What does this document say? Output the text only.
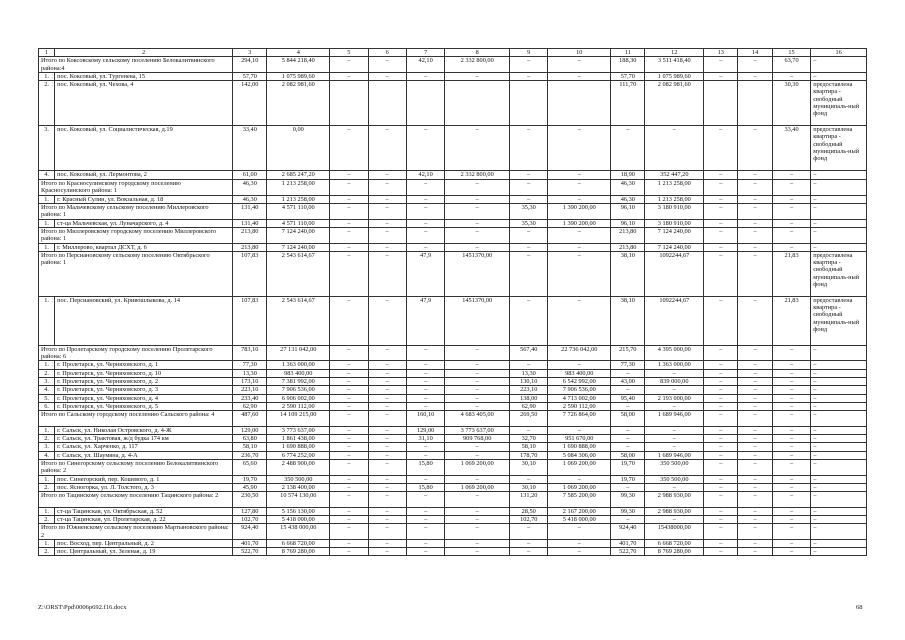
1	2	3	4	5	6	7	8	9	10	11	12	13	14	15	16
Итого по Коксовскому сельскому поселению Белокалитвинского района:4		294,10	5 844 218,40	–	–	42,10	2 332 800,00	–	–	188,30	3 511 418,40	–	–	63,70	–
1.	пос. Коксовый, ул. Тургенева, 15	57,70	1 075 989,60	–	–	–	–	–	–	57,70	1 075 989,60	–	–	–	–
2.	пос. Коксовый, ул. Чехова, 4	142,00	2 082 981,60							111,70	2 082 981,60			30,30	предоставлена квартира - свободный муниципаль-ный фонд
3.	пос. Коксовый, ул. Социалистическая, д.19	33,40	0,00	–	–	–	–	–	–	–	–	–	–	33,40	предоставлена квартира - свободный муниципаль-ный фонд
4.	пос. Коксовый, ул. Лермонтова, 2	61,00	2 685 247,20	–	–	42,10	2 332 800,00	–	–	18,90	352 447,20	–	–	–	–
Итого по Красносулинскому городскому поселению Красносулинского района: 1		46,30	1 213 258,00	–	–	–	–	–	–	46,30	1 213 258,00	–	–	–	–
1.	г. Красный Сулин, ул. Вокзальная, д. 18	46,30	1 213 258,00	–	–	–	–	–	–	46,30	1 213 258,00	–	–	–	–
Итого по Мальчевскому сельскому поселению Миллеровского района: 1		131,40	4 571 110,00	–	–	–	–	35,30	1 390 200,00	96,10	3 180 910,00	–	–	–	–
1.	ст-ца Мальчевская, ул. Луначарского, д. 4	131,40	4 571 110,00	–	–	–	–	35,30	1 390 200,00	96,10	3 180 910,00	–	–	–	–
Итого по Миллеровскому городскому поселению Миллеровского района: 1		213,80	7 124 240,00	–	–	–	–	–	–	213,80	7 124 240,00	–	–	–	–
1.	г. Миллерово, квартал ДСХТ, д. 6	213,80	7 124 240,00	–	–	–	–	–	–	213,80	7 124 240,00	–	–	–	–
Итого по Персиановскому сельскому поселению Октябрьского района: 1		107,83	2 543 614,67	–	–	47,9	1451370,00	–	–	38,10	1092244,67	–	–	21,83	предоставлена квартира - свободный муниципаль-ный фонд
1.	пос. Персиановский, ул. Кривошлыкова, д. 14	107,83	2 543 614,67	–	–	47,9	1451370,00	–	–	38,10	1092244,67	–	–	21,83	предоставлена квартира - свободный муниципаль-ный фонд
Итого по Пролетарскому городскому поселению Пролетарского района: 6		783,10	27 131 042,00	–	–	–	–	567,40	22 736 042,00	215,70	4 395 000,00	–	–	–	–
1.	г. Пролетарск, ул. Черняховского, д. 1	77,30	1 363 000,00	–	–	–	–	–	–	77,30	1 363 000,00	–	–	–	–
2.	г. Пролетарск, ул. Черняховского, д. 10	13,30	983 400,00	–	–	–	–	13,30	983 400,00	–	–	–	–	–	–
3.	г. Пролетарск, ул. Черняховского, д. 2	173,10	7 381 992,00	–	–	–	–	130,10	6 542 992,00	43,00	839 000,00	–	–	–	–
4.	г. Пролетарск, ул. Черняховского, д. 3	223,10	7 906 536,00	–	–	–	–	223,10	7 906 536,00	–	–	–	–	–	–
5.	г. Пролетарск, ул. Черняховского, д. 4	233,40	6 906 002,00	–	–	–	–	138,00	4 713 002,00	95,40	2 193 000,00	–	–	–	–
6.	г. Пролетарск, ул. Черняховского, д. 5	62,90	2 590 112,00	–	–	–	–	62,90	2 590 112,00	–	–	–	–	–	–
Итого по Сальскому городскому поселению Сальского района: 4		487,60	14 109 215,00	–	–	160,10	4 683 405,00	269,50	7 726 864,00	58,00	1 689 946,00	–	–	–	–
1.	г. Сальск, ул. Николая Островского, д. 4-Ж	129,00	3 773 637,00	–	–	129,00	3 773 637,00	–	–	–	–	–	–	–	–
2.	г. Сальск, ул. Трактовая, ж/д будка 174 км	63,80	1 861 438,00	–	–	31,10	909 768,00	32,70	951 670,00	–	–	–	–	–	–
3.	г. Сальск, ул. Харченко, д. 117	58,10	1 690 888,00	–	–	–	–	58,10	1 690 888,00	–	–	–	–	–	–
4.	г. Сальск, ул. Шаумяна, д. 4-А	236,70	6 774 252,00	–	–	–	–	178,70	5 084 306,00	58,00	1 689 946,00	–	–	–	–
Итого по Синегорскому сельскому поселению Белокалитвинского района: 2		65,60	2 488 900,00	–	–	15,80	1 069 200,00	30,10	1 069 200,00	19,70	350 500,00	–	–	–	–
1.	пос. Синегорский, пер. Кошевого, д. 1	19,70	350 500,00	–	–	–	–	–	–	19,70	350 500,00	–	–	–	–
2.	пос. Ясногорка, ул. Л. Толстого, д. 3	45,90	2 138 400,00	–	–	15,80	1 069 200,00	30,10	1 069 200,00	–	–	–	–	–	–
Итого по Тацинскому сельскому поселению Тацинского района: 2		230,50	10 574 130,00	–	–	–	–	131,20	7 585 200,00	99,30	2 988 930,00	–	–	–	–
1.	ст-ца Тацинская, ул. Октябрьская, д. 52	127,80	5 156 130,00	–	–	–	–	28,50	2 167 200,00	99,30	2 988 930,00	–	–	–	–
2.	ст-ца Тацинская, ул. Пролетарская, д. 22	102,70	5 418 000,00	–	–	–	–	102,70	5 418 000,00	–	–	–	–	–	–
Итого по Южненскому сельскому поселению Мартыновского района: 2		924,40	15 438 000,00	–	–	–	–	–	–	924,40	15438000,00	–	–	–	–
1.	пос. Восход, пер. Центральный, д. 2	401,70	6 668 720,00	–	–	–	–	–	–	401,70	6 668 720,00	–	–	–	–
2.	пос. Центральный, ул. Зеленая, д. 19	522,70	8 769 280,00	–	–	–	–	–	–	522,70	8 769 280,00	–	–	–	–
Z:\ORST\Ppd\0006p692.f16.docx	68
